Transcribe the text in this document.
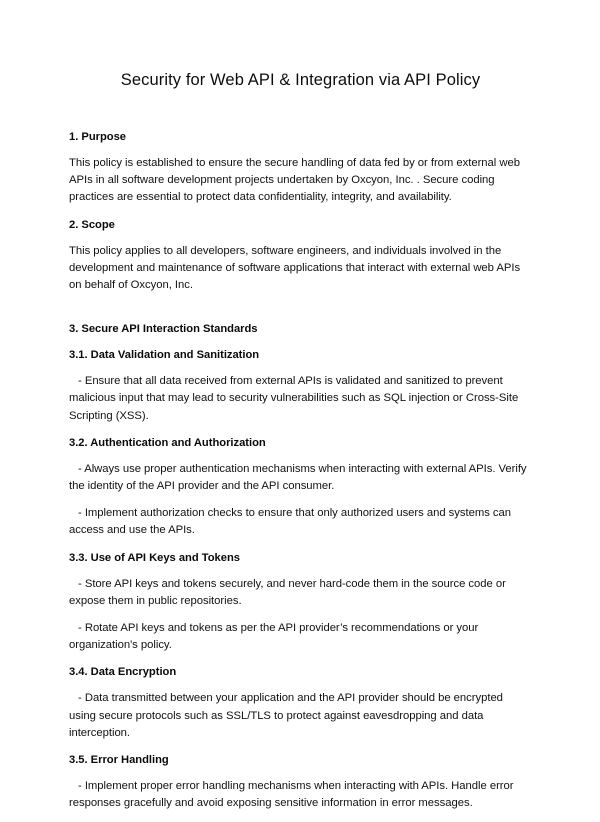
Security for Web API & Integration via API Policy
1. Purpose

This policy is established to ensure the secure handling of data fed by or from external web APIs in all software development projects undertaken by Oxcyon, Inc. . Secure coding practices are essential to protect data confidentiality, integrity, and availability.

2. Scope

This policy applies to all developers, software engineers, and individuals involved in the development and maintenance of software applications that interact with external web APIs on behalf of Oxcyon, Inc.

3. Secure API Interaction Standards
3.1. Data Validation and Sanitization

- Ensure that all data received from external APIs is validated and sanitized to prevent malicious input that may lead to security vulnerabilities such as SQL injection or Cross-Site Scripting (XSS).

3.2. Authentication and Authorization

- Always use proper authentication mechanisms when interacting with external APIs. Verify the identity of the API provider and the API consumer.

- Implement authorization checks to ensure that only authorized users and systems can access and use the APIs.

3.3. Use of API Keys and Tokens

- Store API keys and tokens securely, and never hard-code them in the source code or expose them in public repositories.

- Rotate API keys and tokens as per the API provider’s recommendations or your organization's policy.

3.4. Data Encryption

- Data transmitted between your application and the API provider should be encrypted using secure protocols such as SSL/TLS to protect against eavesdropping and data interception.

3.5. Error Handling

- Implement proper error handling mechanisms when interacting with APIs. Handle error responses gracefully and avoid exposing sensitive information in error messages.
